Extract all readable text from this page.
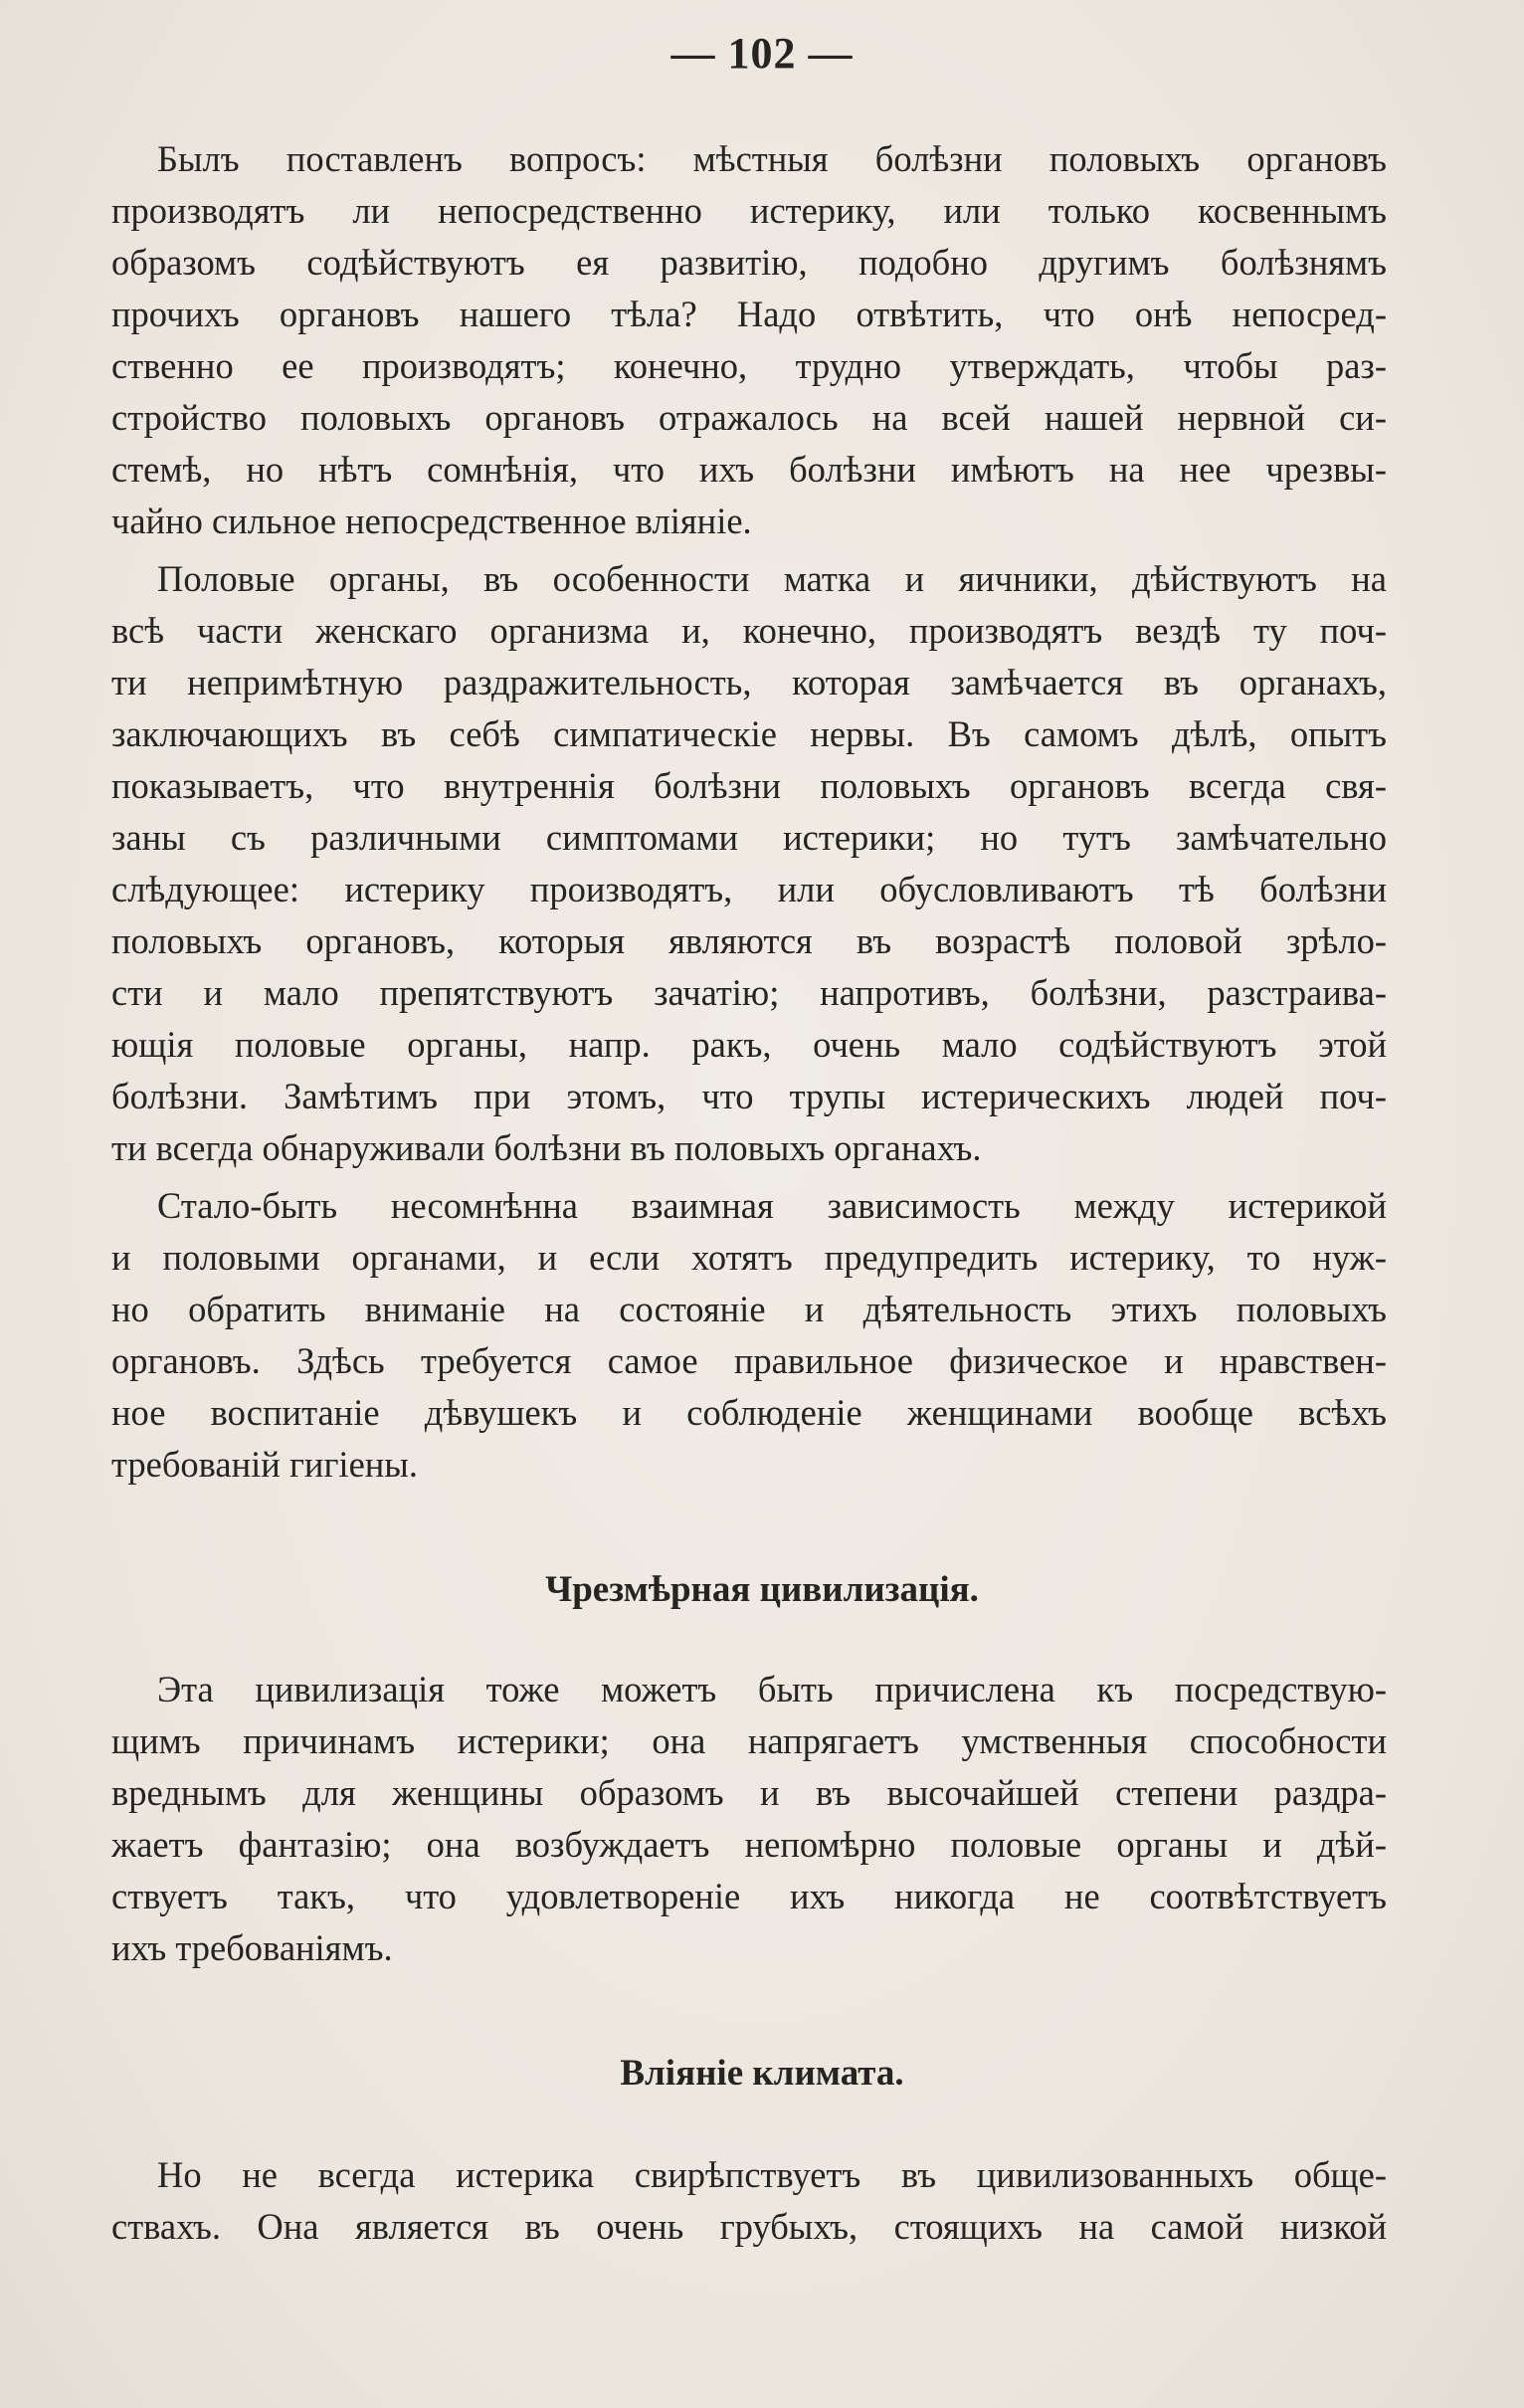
— 102 —
Былъ поставленъ вопросъ: мѣстныя болѣзни половыхъ органовъ
производятъ ли непосредственно истерику, или только косвеннымъ
образомъ содѣйствуютъ ея развитію, подобно другимъ болѣзнямъ
прочихъ органовъ нашего тѣла? Надо отвѣтить, что онѣ непосред-
ственно ее производятъ; конечно, трудно утверждать, чтобы раз-
стройство половыхъ органовъ отражалось на всей нашей нервной си-
стемѣ, но нѣтъ сомнѣнія, что ихъ болѣзни имѣютъ на нее чрезвы-
чайно сильное непосредственное вліяніе.
Половые органы, въ особенности матка и яичники, дѣйствуютъ на
всѣ части женскаго организма и, конечно, производятъ вездѣ ту поч-
ти непримѣтную раздражительность, которая замѣчается въ органахъ,
заключающихъ въ себѣ симпатическіе нервы. Въ самомъ дѣлѣ, опытъ
показываетъ, что внутреннія болѣзни половыхъ органовъ всегда свя-
заны съ различными симптомами истерики; но тутъ замѣчательно
слѣдующее: истерику производятъ, или обусловливаютъ тѣ болѣзни
половыхъ органовъ, которыя являются въ возрастѣ половой зрѣло-
сти и мало препятствуютъ зачатію; напротивъ, болѣзни, разстраива-
ющія половые органы, напр. ракъ, очень мало содѣйствуютъ этой
болѣзни. Замѣтимъ при этомъ, что трупы истерическихъ людей поч-
ти всегда обнаруживали болѣзни въ половыхъ органахъ.
Стало-быть несомнѣнна взаимная зависимость между истерикой
и половыми органами, и если хотятъ предупредить истерику, то нуж-
но обратить вниманіе на состояніе и дѣятельность этихъ половыхъ
органовъ. Здѣсь требуется самое правильное физическое и нравствен-
ное воспитаніе дѣвушекъ и соблюденіе женщинами вообще всѣхъ
требованій гигіены.
Чрезмѣрная цивилизація.
Эта цивилизація тоже можетъ быть причислена къ посредствую-
щимъ причинамъ истерики; она напрягаетъ умственныя способности
вреднымъ для женщины образомъ и въ высочайшей степени раздра-
жаетъ фантазію; она возбуждаетъ непомѣрно половые органы и дѣй-
ствуетъ такъ, что удовлетвореніе ихъ никогда не соотвѣтствуетъ
ихъ требованіямъ.
Вліяніе климата.
Но не всегда истерика свирѣпствуетъ въ цивилизованныхъ обще-
ствахъ. Она является въ очень грубыхъ, стоящихъ на самой низкой
